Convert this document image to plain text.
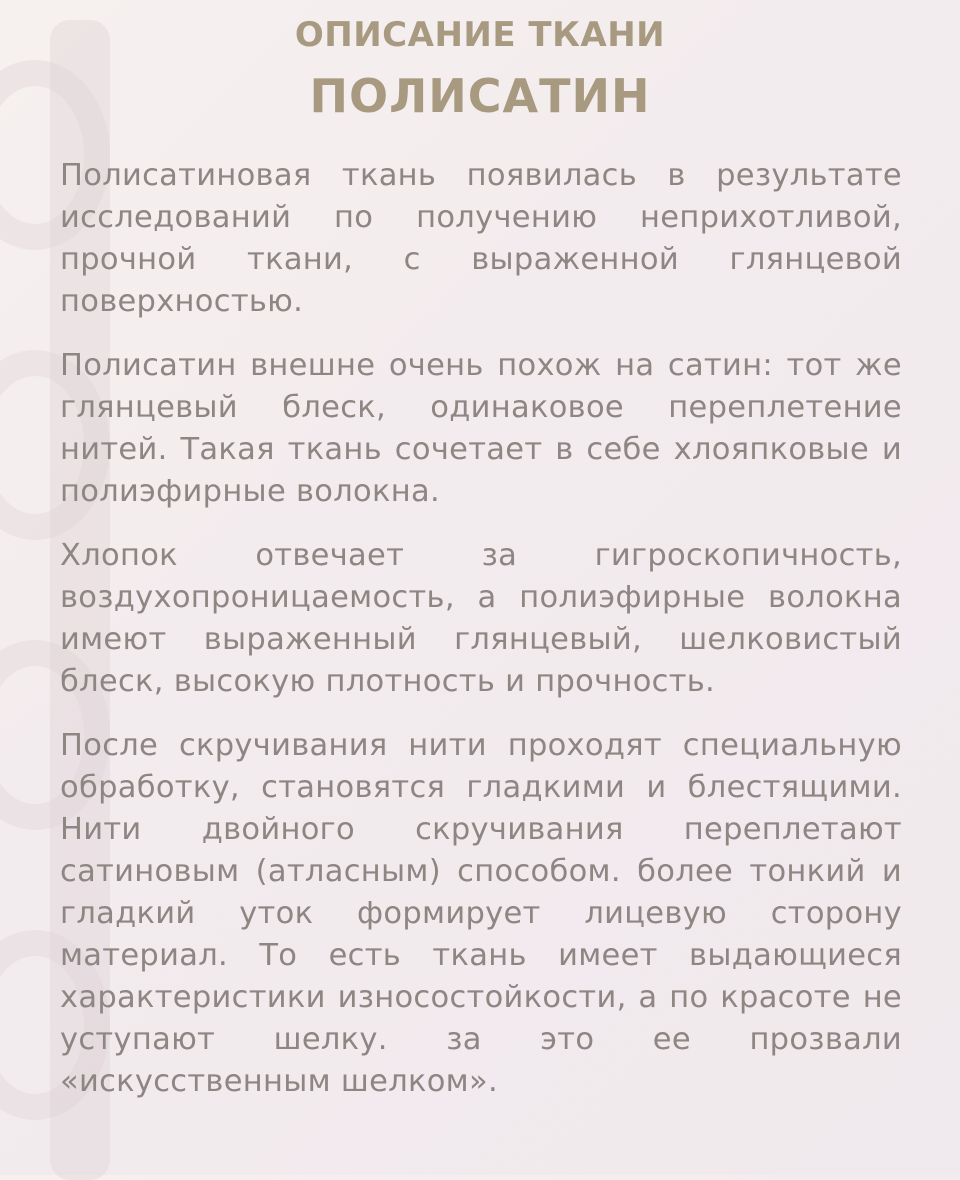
ОПИСАНИЕ ТКАНИ
ПОЛИСАТИН

Полисатиновая ткань появилась в результате исследований по получению неприхотливой, прочной ткани, с выраженной глянцевой поверхностью.

Полисатин внешне очень похож на сатин: тот же глянцевый блеск, одинаковое переплетение нитей. Такая ткань сочетает в себе хлояпковые и полиэфирные волокна.

Хлопок отвечает за гигроскопичность, воздухопроницаемость, а полиэфирные волокна имеют выраженный глянцевый, шелковистый блеск, высокую плотность и прочность.

После скручивания нити проходят специальную обработку, становятся гладкими и блестящими. Нити двойного скручивания переплетают сатиновым (атласным) способом. более тонкий и гладкий уток формирует лицевую сторону материал. То есть ткань имеет выдающиеся характеристики износостойкости, а по красоте не уступают шелку. за это ее прозвали «искусственным шелком».
